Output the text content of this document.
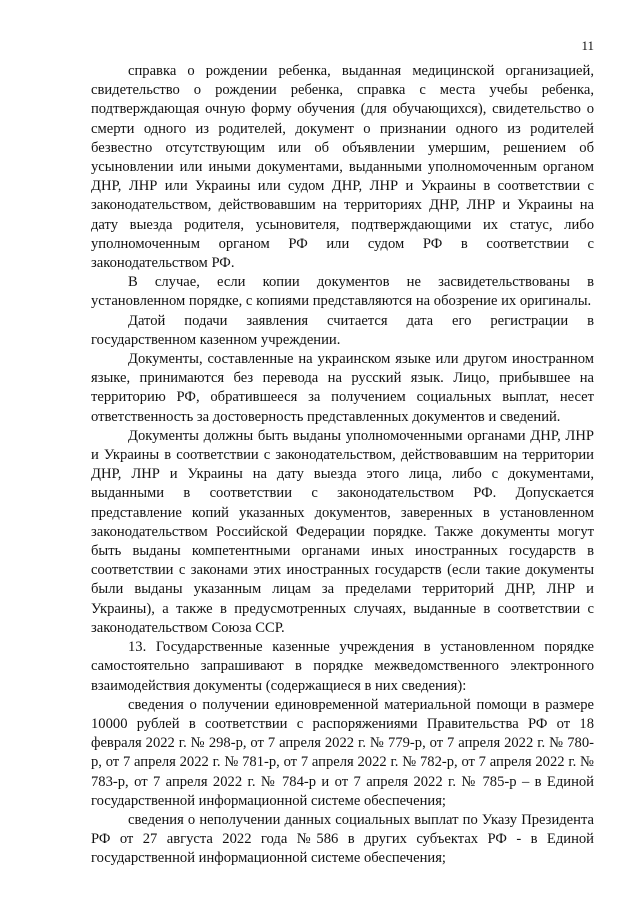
11

справка о рождении ребенка, выданная медицинской организацией, свидетельство о рождении ребенка, справка с места учебы ребенка, подтверждающая очную форму обучения (для обучающихся), свидетельство о смерти одного из родителей, документ о признании одного из родителей безвестно отсутствующим или об объявлении умершим, решением об усыновлении или иными документами, выданными уполномоченным органом ДНР, ЛНР или Украины или судом ДНР, ЛНР и Украины в соответствии с законодательством, действовавшим на территориях ДНР, ЛНР и Украины на дату выезда родителя, усыновителя, подтверждающими их статус, либо уполномоченным органом РФ или судом РФ в соответствии с законодательством РФ.

В случае, если копии документов не засвидетельствованы в установленном порядке, с копиями представляются на обозрение их оригиналы.

Датой подачи заявления считается дата его регистрации в государственном казенном учреждении.

Документы, составленные на украинском языке или другом иностранном языке, принимаются без перевода на русский язык. Лицо, прибывшее на территорию РФ, обратившееся за получением социальных выплат, несет ответственность за достоверность представленных документов и сведений.

Документы должны быть выданы уполномоченными органами ДНР, ЛНР и Украины в соответствии с законодательством, действовавшим на территории ДНР, ЛНР и Украины на дату выезда этого лица, либо с документами, выданными в соответствии с законодательством РФ. Допускается представление копий указанных документов, заверенных в установленном законодательством Российской Федерации порядке. Также документы могут быть выданы компетентными органами иных иностранных государств в соответствии с законами этих иностранных государств (если такие документы были выданы указанным лицам за пределами территорий ДНР, ЛНР и Украины), а также в предусмотренных случаях, выданные в соответствии с законодательством Союза ССР.

13. Государственные казенные учреждения в установленном порядке самостоятельно запрашивают в порядке межведомственного электронного взаимодействия документы (содержащиеся в них сведения):

сведения о получении единовременной материальной помощи в размере 10000 рублей в соответствии с распоряжениями Правительства РФ от 18 февраля 2022 г. № 298-р, от 7 апреля 2022 г. № 779-р, от 7 апреля 2022 г. № 780-р, от 7 апреля 2022 г. № 781-р, от 7 апреля 2022 г. № 782-р, от 7 апреля 2022 г. № 783-р, от 7 апреля 2022 г. № 784-р и от 7 апреля 2022 г. № 785-р – в Единой государственной информационной системе обеспечения;

сведения о неполучении данных социальных выплат по Указу Президента РФ от 27 августа 2022 года №586 в других субъектах РФ - в Единой государственной информационной системе обеспечения;
